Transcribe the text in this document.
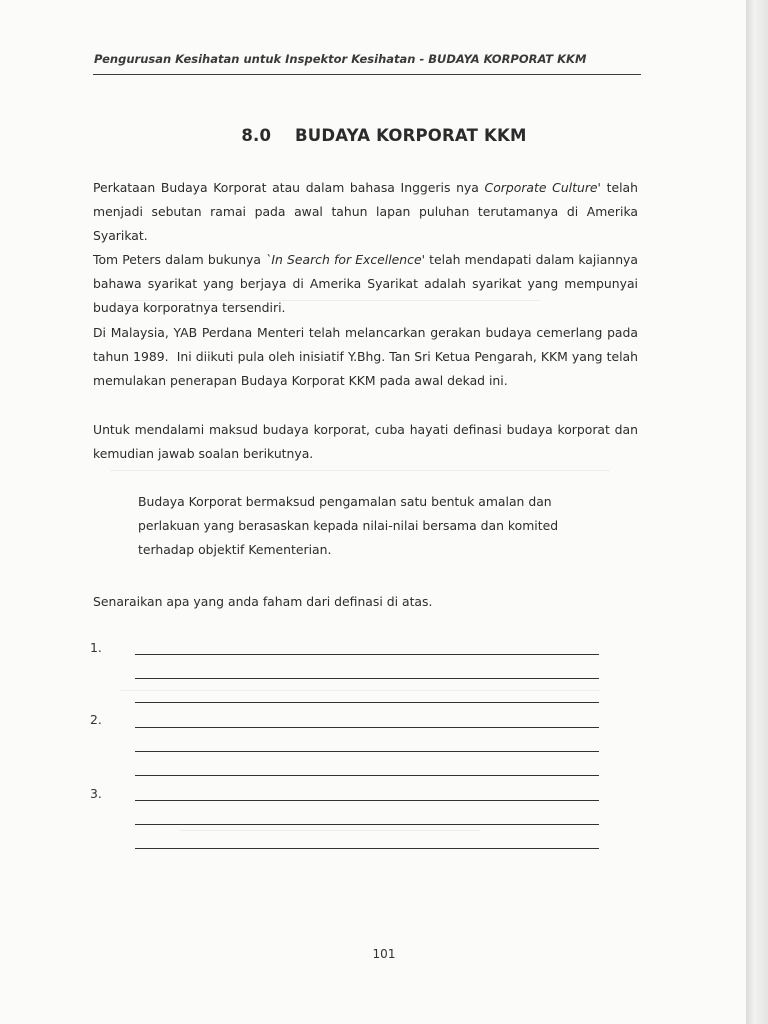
Pengurusan Kesihatan untuk Inspektor Kesihatan - BUDAYA KORPORAT KKM
8.0    BUDAYA KORPORAT KKM
Perkataan Budaya Korporat atau dalam bahasa Inggeris nya Corporate Culture' telah
menjadi sebutan ramai pada awal tahun lapan puluhan terutamanya di Amerika Syarikat.
Tom Peters dalam bukunya `In Search for Excellence' telah mendapati dalam kajiannya
bahawa syarikat yang berjaya di Amerika Syarikat adalah syarikat yang mempunyai
budaya korporatnya tersendiri.
Di Malaysia, YAB Perdana Menteri telah melancarkan gerakan budaya cemerlang pada
tahun 1989.  Ini diikuti pula oleh inisiatif Y.Bhg. Tan Sri Ketua Pengarah, KKM yang telah
memulakan penerapan Budaya Korporat KKM pada awal dekad ini.
Untuk mendalami maksud budaya korporat, cuba hayati definasi budaya korporat dan
kemudian jawab soalan berikutnya.
Budaya Korporat bermaksud pengamalan satu bentuk amalan dan
perlakuan yang berasaskan kepada nilai-nilai bersama dan komited
terhadap objektif Kementerian.
Senaraikan apa yang anda faham dari definasi di atas.
1.
2.
3.
101
